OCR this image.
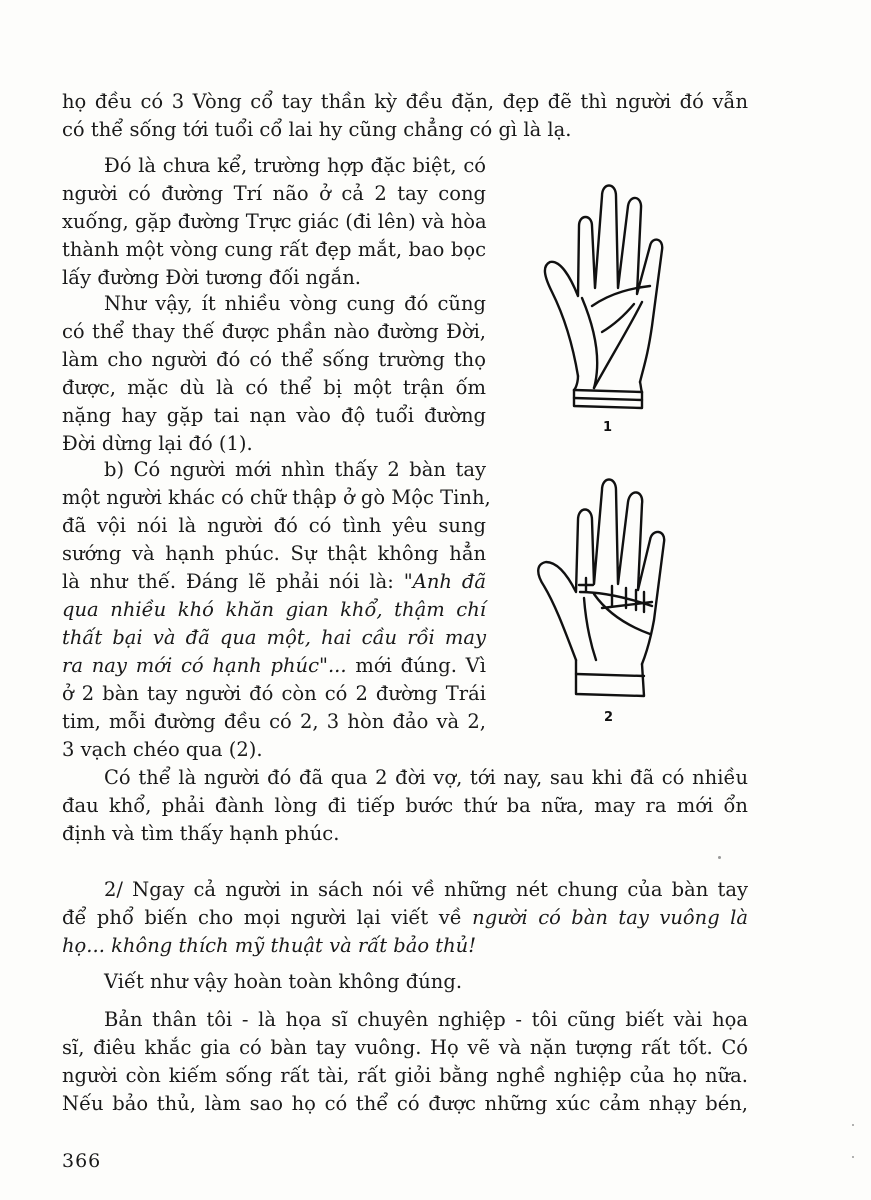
họ đều có 3 Vòng cổ tay thần kỳ đều đặn, đẹp đẽ thì người đó vẫn
có thể sống tới tuổi cổ lai hy cũng chẳng có gì là lạ.
Đó là chưa kể, trường hợp đặc biệt, có
người có đường Trí não ở cả 2 tay cong
xuống, gặp đường Trực giác (đi lên) và hòa
thành một vòng cung rất đẹp mắt, bao bọc
lấy đường Đời tương đối ngắn.
Như vậy, ít nhiều vòng cung đó cũng
có thể thay thế được phần nào đường Đời,
làm cho người đó có thể sống trường thọ
được, mặc dù là có thể bị một trận ốm
nặng hay gặp tai nạn vào độ tuổi đường
Đời dừng lại đó (1).
b) Có người mới nhìn thấy 2 bàn tay
một người khác có chữ thập ở gò Mộc Tinh,
đã vội nói là người đó có tình yêu sung
sướng và hạnh phúc. Sự thật không hẳn
là như thế. Đáng lẽ phải nói là: "Anh đã
qua nhiều khó khăn gian khổ, thậm chí
thất bại và đã qua một, hai cầu rồi may
ra nay mới có hạnh phúc"... mới đúng. Vì
ở 2 bàn tay người đó còn có 2 đường Trái
tim, mỗi đường đều có 2, 3 hòn đảo và 2,
3 vạch chéo qua (2).
Có thể là người đó đã qua 2 đời vợ, tới nay, sau khi đã có nhiều
đau khổ, phải đành lòng đi tiếp bước thứ ba nữa, may ra mới ổn
định và tìm thấy hạnh phúc.
2/ Ngay cả người in sách nói về những nét chung của bàn tay
để phổ biến cho mọi người lại viết về người có bàn tay vuông là
họ... không thích mỹ thuật và rất bảo thủ!
Viết như vậy hoàn toàn không đúng.
Bản thân tôi - là họa sĩ chuyên nghiệp - tôi cũng biết vài họa
sĩ, điêu khắc gia có bàn tay vuông. Họ vẽ và nặn tượng rất tốt. Có
người còn kiếm sống rất tài, rất giỏi bằng nghề nghiệp của họ nữa.
Nếu bảo thủ, làm sao họ có thể có được những xúc cảm nhạy bén,
1
2
366
